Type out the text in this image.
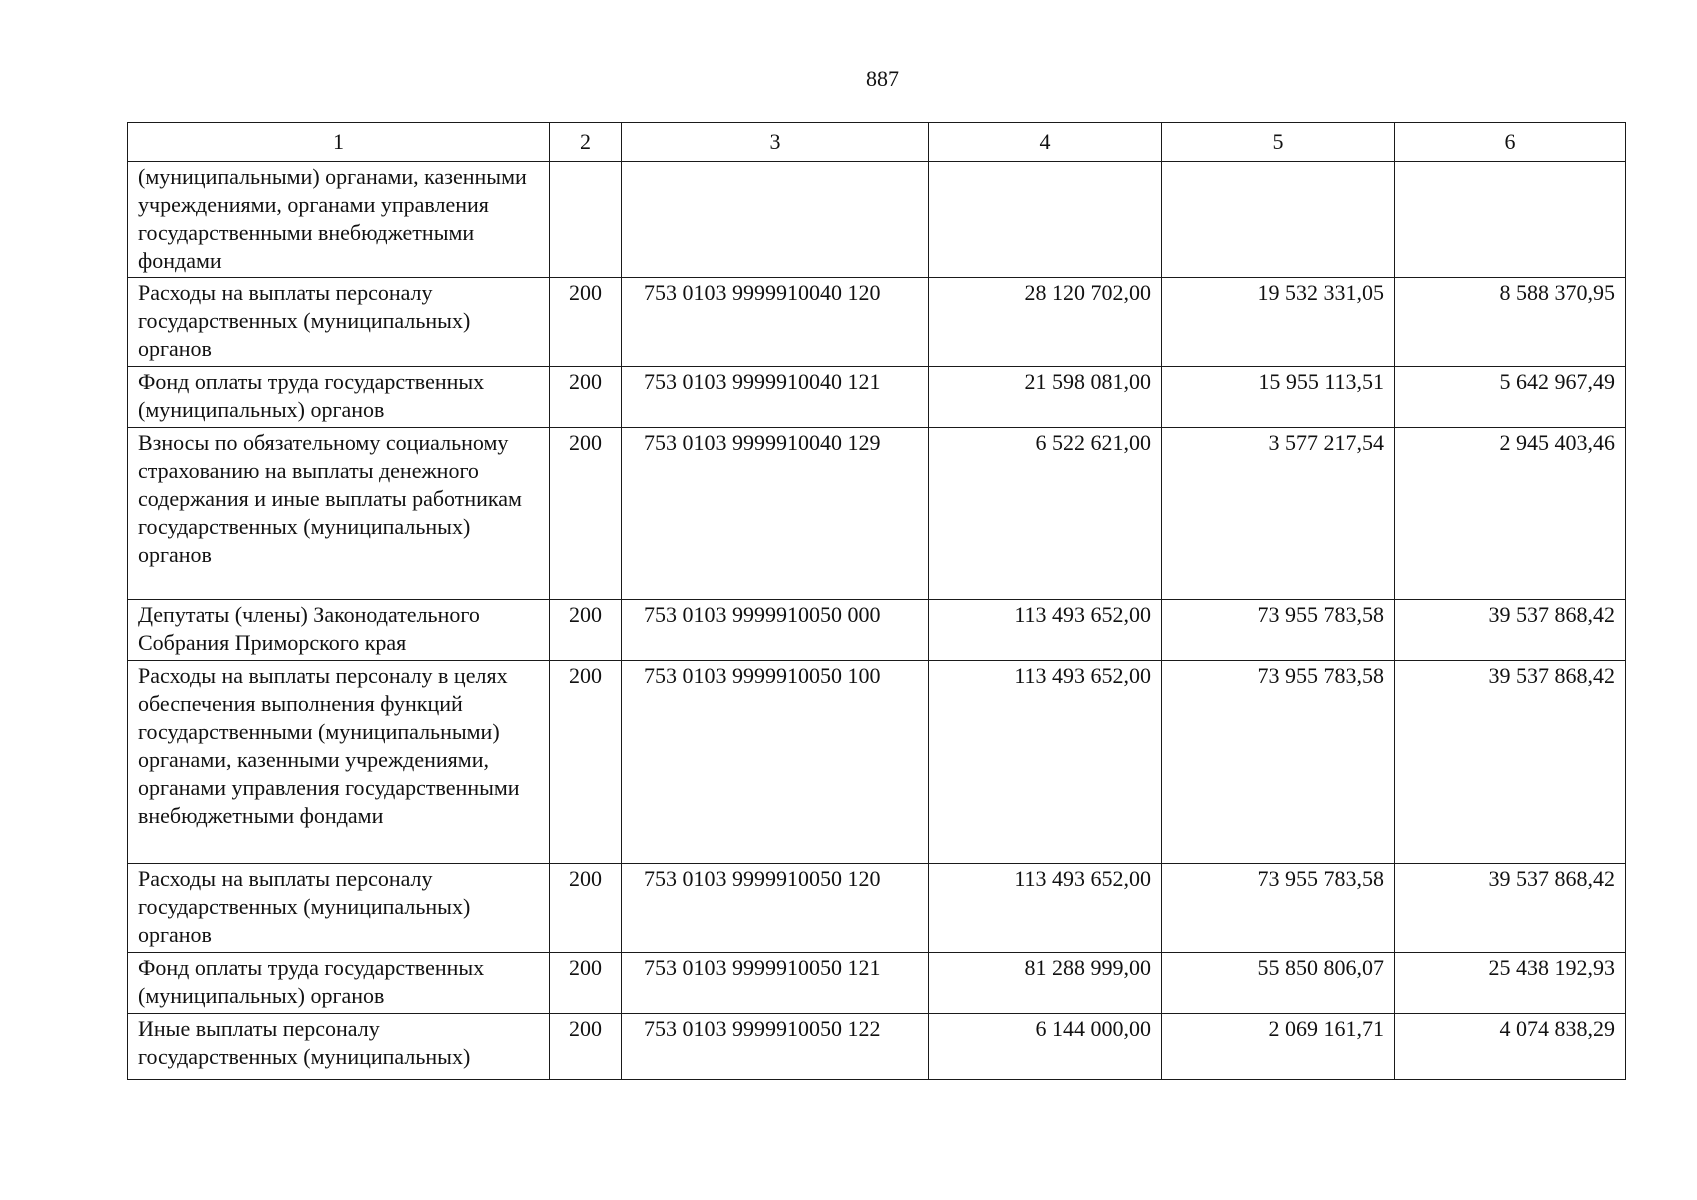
887
1	2	3	4	5	6
(муниципальными) органами, казенными учреждениями, органами управления государственными внебюджетными фондами					
Расходы на выплаты персоналу государственных (муниципальных) органов	200	753 0103 9999910040 120	28 120 702,00	19 532 331,05	8 588 370,95
Фонд оплаты труда государственных (муниципальных) органов	200	753 0103 9999910040 121	21 598 081,00	15 955 113,51	5 642 967,49
Взносы по обязательному социальному страхованию на выплаты денежного содержания и иные выплаты работникам государственных (муниципальных) органов	200	753 0103 9999910040 129	6 522 621,00	3 577 217,54	2 945 403,46
Депутаты (члены) Законодательного Собрания Приморского края	200	753 0103 9999910050 000	113 493 652,00	73 955 783,58	39 537 868,42
Расходы на выплаты персоналу в целях обеспечения выполнения функций государственными (муниципальными) органами, казенными учреждениями, органами управления государственными внебюджетными фондами	200	753 0103 9999910050 100	113 493 652,00	73 955 783,58	39 537 868,42
Расходы на выплаты персоналу государственных (муниципальных) органов	200	753 0103 9999910050 120	113 493 652,00	73 955 783,58	39 537 868,42
Фонд оплаты труда государственных (муниципальных) органов	200	753 0103 9999910050 121	81 288 999,00	55 850 806,07	25 438 192,93
Иные выплаты персоналу государственных (муниципальных)	200	753 0103 9999910050 122	6 144 000,00	2 069 161,71	4 074 838,29
